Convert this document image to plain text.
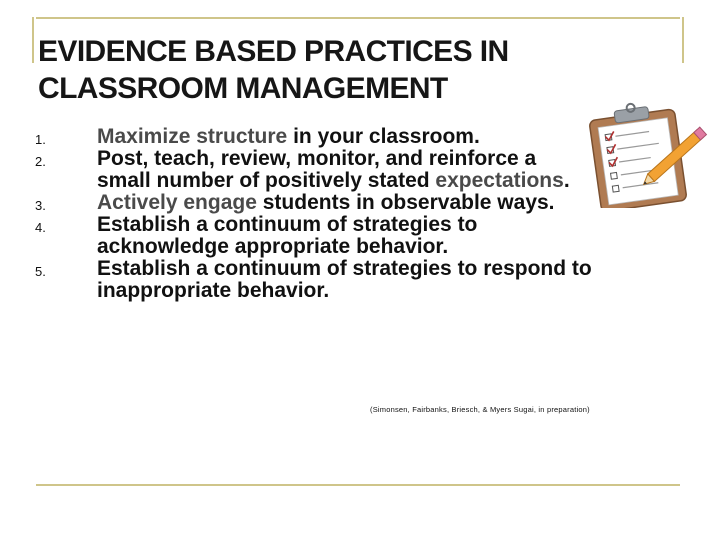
EVIDENCE BASED PRACTICES IN
CLASSROOM MANAGEMENT
1.	Maximize structure in your classroom.
2.	Post, teach, review, monitor, and reinforce a small number of positively stated expectations.
3.	Actively engage students in observable ways.
4.	Establish a continuum of strategies to acknowledge appropriate behavior.
5.	Establish a continuum of strategies to respond to inappropriate behavior.
(Simonsen, Fairbanks, Briesch, & Myers Sugai, in preparation)
